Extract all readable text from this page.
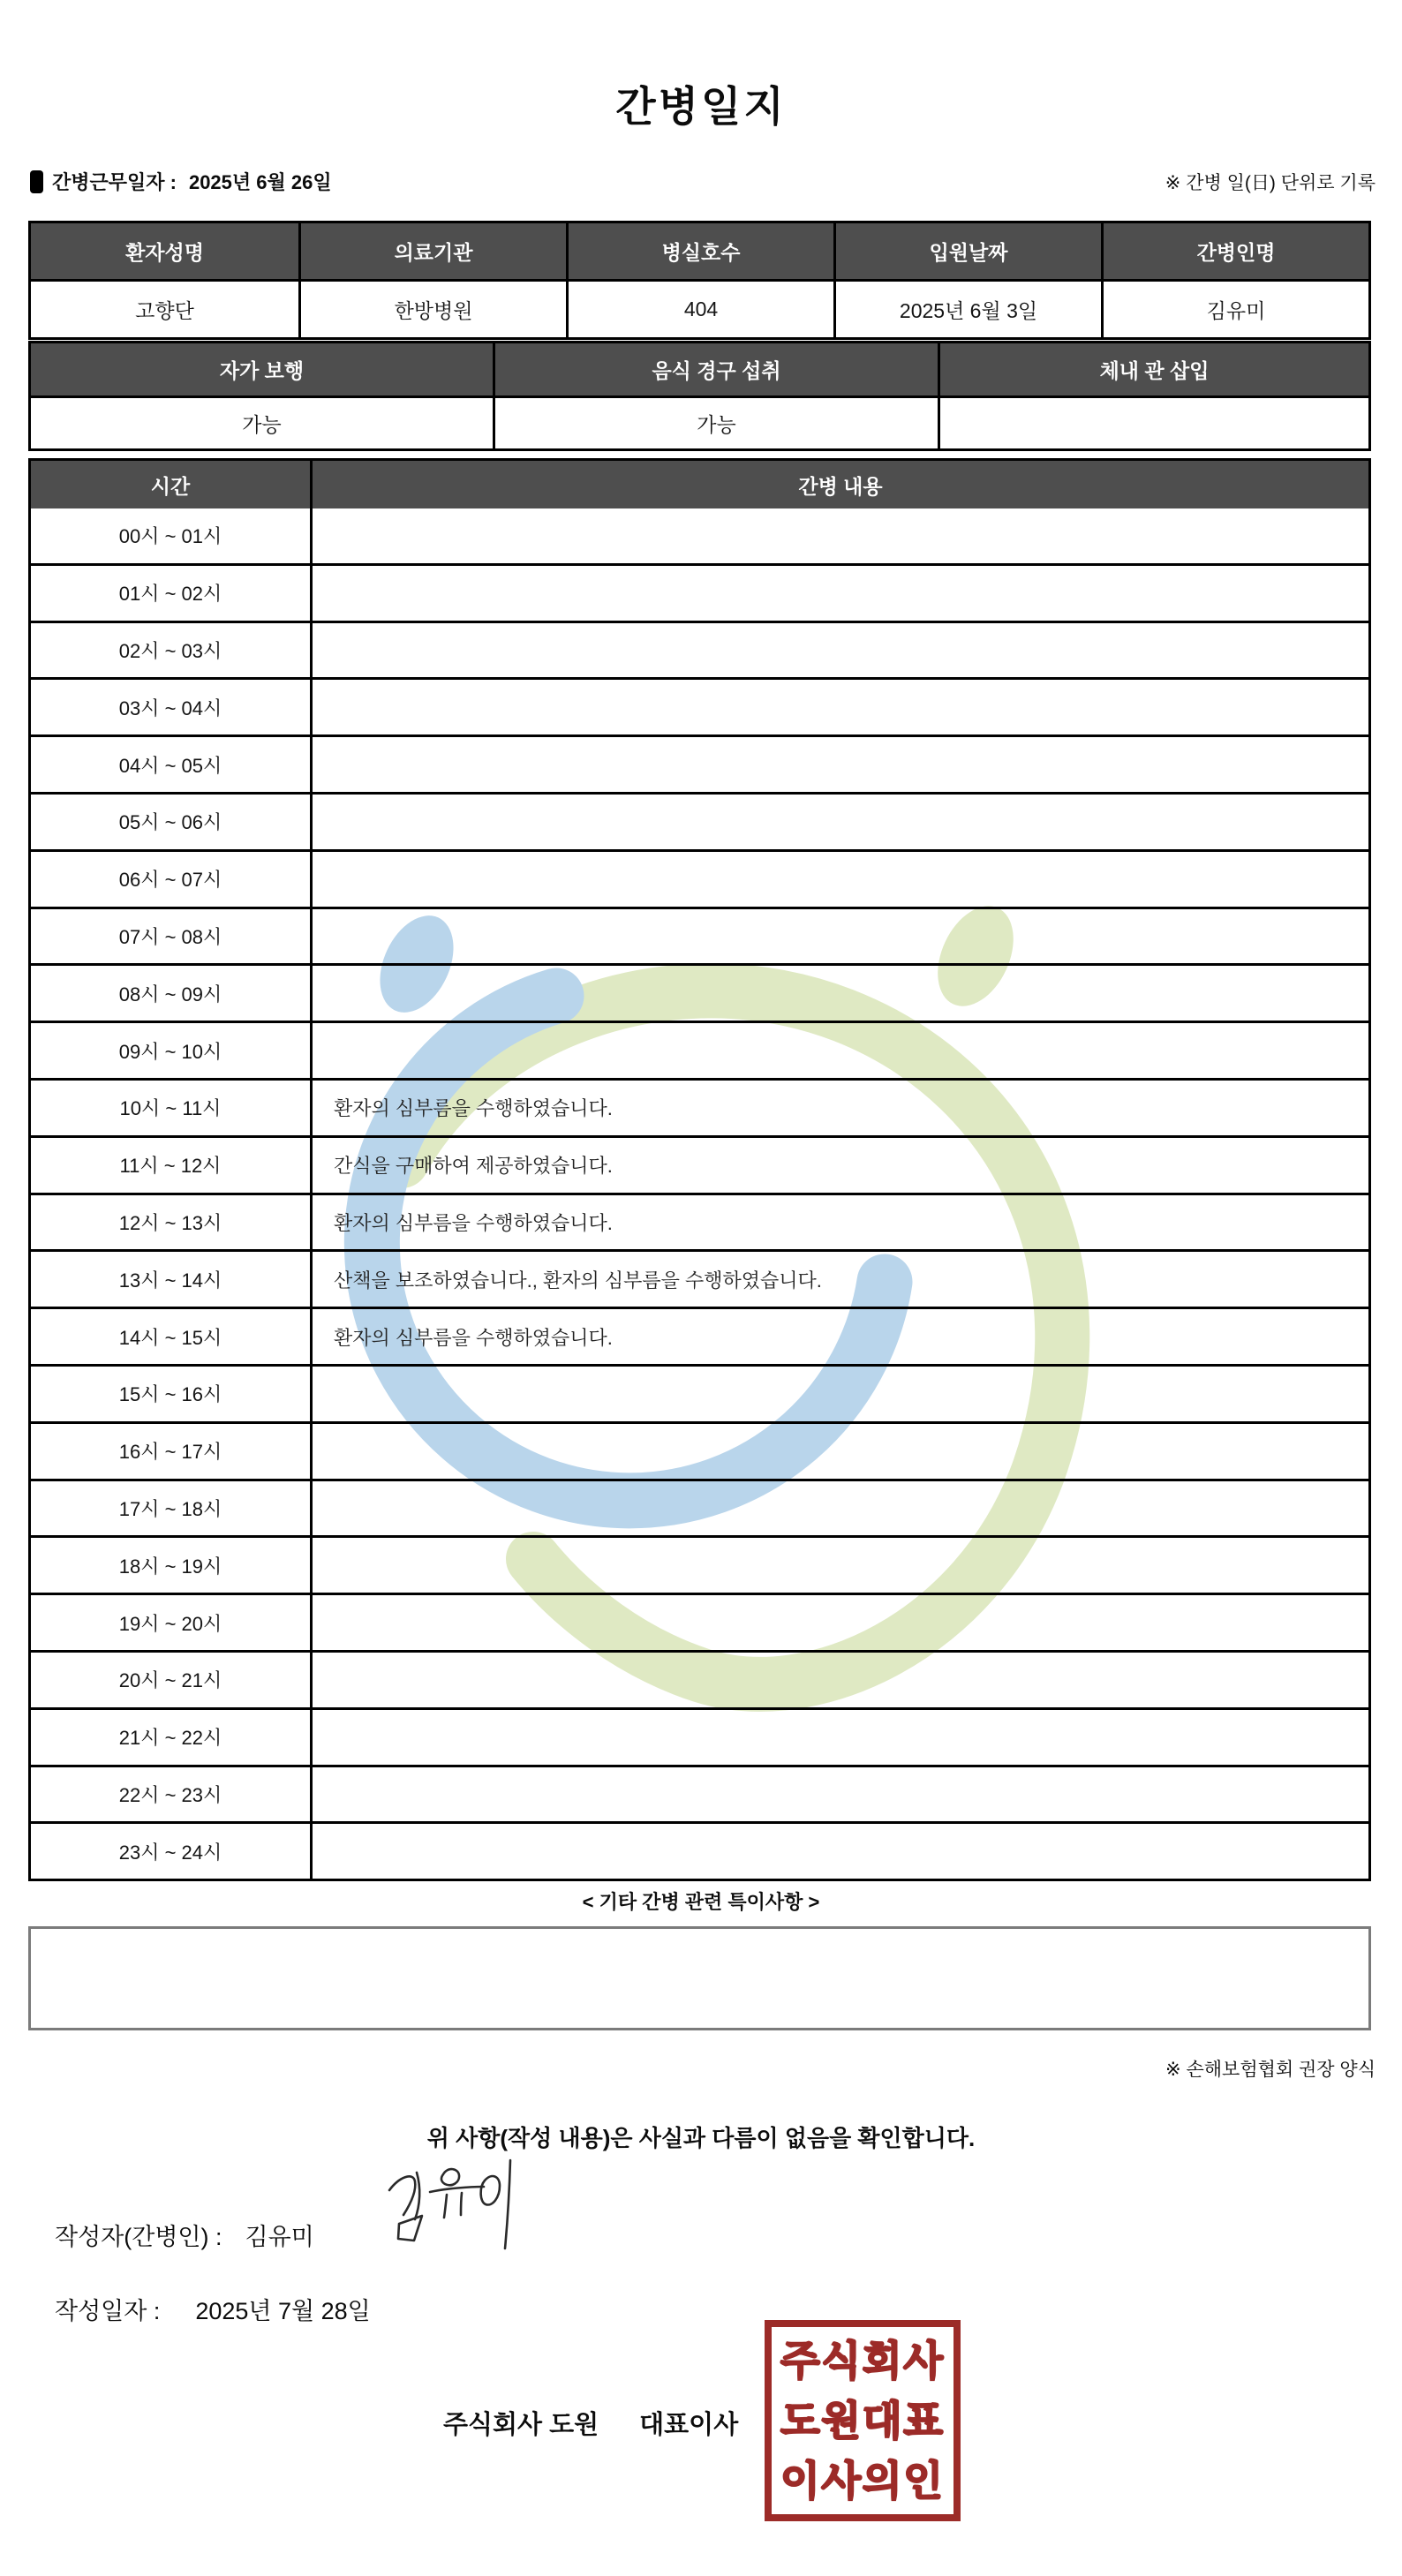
간병일지
간병근무일자 : 2025년 6월 26일	※ 간병 일(日) 단위로 기록
환자성명	의료기관	병실호수	입원날짜	간병인명
고향단	한방병원	404	2025년 6월 3일	김유미
자가 보행	음식 경구 섭취	체내 관 삽입
가능	가능
시간	간병 내용
00시 ~ 01시
01시 ~ 02시
02시 ~ 03시
03시 ~ 04시
04시 ~ 05시
05시 ~ 06시
06시 ~ 07시
07시 ~ 08시
08시 ~ 09시
09시 ~ 10시
10시 ~ 11시	환자의 심부름을 수행하였습니다.
11시 ~ 12시	간식을 구매하여 제공하였습니다.
12시 ~ 13시	환자의 심부름을 수행하였습니다.
13시 ~ 14시	산책을 보조하였습니다., 환자의 심부름을 수행하였습니다.
14시 ~ 15시	환자의 심부름을 수행하였습니다.
15시 ~ 16시
16시 ~ 17시
17시 ~ 18시
18시 ~ 19시
19시 ~ 20시
20시 ~ 21시
21시 ~ 22시
22시 ~ 23시
23시 ~ 24시
< 기타 간병 관련 특이사항 >
※ 손해보험협회 권장 양식
위 사항(작성 내용)은 사실과 다름이 없음을 확인합니다.
작성자(간병인) : 김유미
작성일자 : 2025년 7월 28일
주식회사 도원 대표이사
주식회사
도원대표
이사의인
